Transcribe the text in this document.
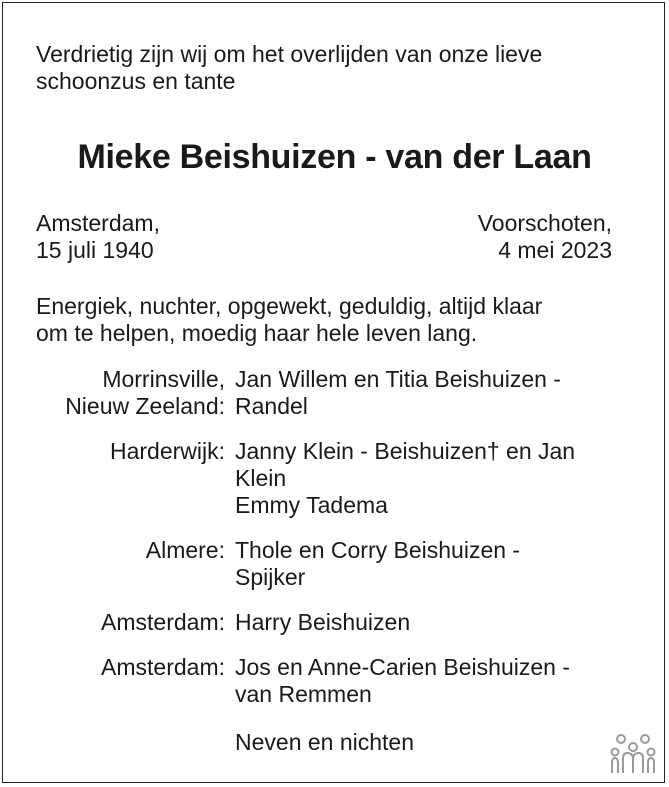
Verdrietig zijn wij om het overlijden van onze lieve
schoonzus en tante
Mieke Beishuizen - van der Laan
Amsterdam,
15 juli 1940
Voorschoten,
4 mei 2023
Energiek, nuchter, opgewekt, geduldig, altijd klaar
om te helpen, moedig haar hele leven lang.
Morrinsville,
Nieuw Zeeland:
Jan Willem en Titia Beishuizen -
Randel
Harderwijk: Janny Klein - Beishuizen† en Jan
Klein
Emmy Tadema
Almere: Thole en Corry Beishuizen -
Spijker
Amsterdam: Harry Beishuizen
Amsterdam: Jos en Anne-Carien Beishuizen -
van Remmen
Neven en nichten
